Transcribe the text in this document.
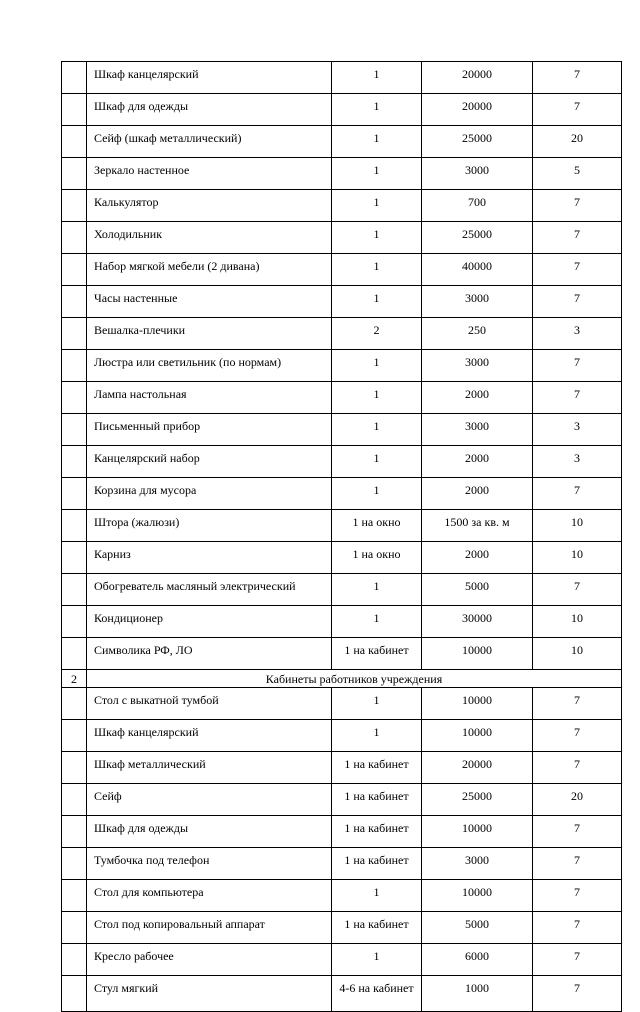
	Шкаф канцелярский	1	20000	7
	Шкаф для одежды	1	20000	7
	Сейф (шкаф металлический)	1	25000	20
	Зеркало настенное	1	3000	5
	Калькулятор	1	700	7
	Холодильник	1	25000	7
	Набор мягкой мебели (2 дивана)	1	40000	7
	Часы настенные	1	3000	7
	Вешалка-плечики	2	250	3
	Люстра или светильник (по нормам)	1	3000	7
	Лампа настольная	1	2000	7
	Письменный прибор	1	3000	3
	Канцелярский набор	1	2000	3
	Корзина для мусора	1	2000	7
	Штора (жалюзи)	1 на окно	1500 за кв. м	10
	Карниз	1 на окно	2000	10
	Обогреватель масляный электрический	1	5000	7
	Кондиционер	1	30000	10
	Символика РФ, ЛО	1 на кабинет	10000	10
2	Кабинеты работников учреждения			
	Стол с выкатной тумбой	1	10000	7
	Шкаф канцелярский	1	10000	7
	Шкаф металлический	1 на кабинет	20000	7
	Сейф	1 на кабинет	25000	20
	Шкаф для одежды	1 на кабинет	10000	7
	Тумбочка под телефон	1 на кабинет	3000	7
	Стол для компьютера	1	10000	7
	Стол под копировальный аппарат	1 на кабинет	5000	7
	Кресло рабочее	1	6000	7
	Стул мягкий	4-6 на кабинет	1000	7
